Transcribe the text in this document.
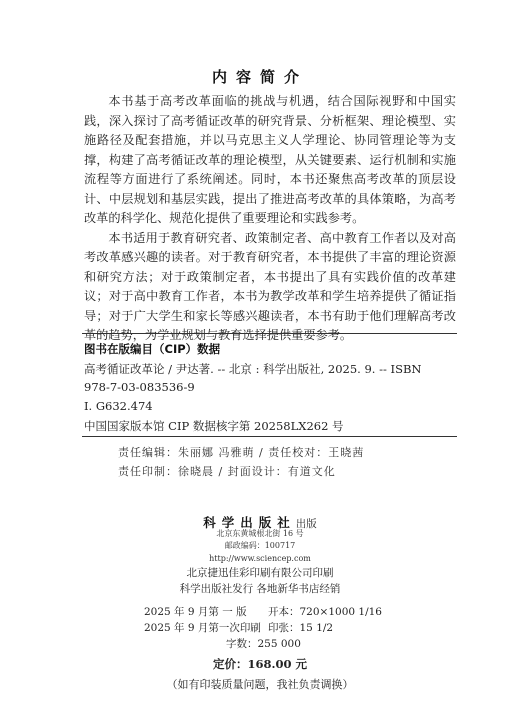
内容简介

本书基于高考改革面临的挑战与机遇，结合国际视野和中国实践，深入探讨了高考循证改革的研究背景、分析框架、理论模型、实施路径及配套措施，并以马克思主义人学理论、协同管理论等为支撑，构建了高考循证改革的理论模型，从关键要素、运行机制和实施流程等方面进行了系统阐述。同时，本书还聚焦高考改革的顶层设计、中层规划和基层实践，提出了推进高考改革的具体策略，为高考改革的科学化、规范化提供了重要理论和实践参考。

本书适用于教育研究者、政策制定者、高中教育工作者以及对高考改革感兴趣的读者。对于教育研究者，本书提供了丰富的理论资源和研究方法；对于政策制定者，本书提出了具有实践价值的改革建议；对于高中教育工作者，本书为教学改革和学生培养提供了循证指导；对于广大学生和家长等感兴趣读者，本书有助于他们理解高考改革的趋势，为学业规划与教育选择提供重要参考。

图书在版编目（CIP）数据
高考循证改革论 / 尹达著. -- 北京 : 科学出版社, 2025. 9. -- ISBN
978-7-03-083536-9
Ⅰ. G632.474
中国国家版本馆 CIP 数据核字第 20258LX262 号
责任编辑：朱丽娜 冯雅萌 / 责任校对：王晓茜
责任印制：徐晓晨 / 封面设计：有道文化
科学出版社出版
北京东黄城根北街 16 号
邮政编码：100717
http://www.sciencep.com
北京捷迅佳彩印刷有限公司印刷
科学出版社发行 各地新华书店经销
2025 年 9 月第 一 版 开本：720×1000 1/16
2025 年 9 月第一次印刷 印张：15 1/2
字数：255 000
定价：168.00 元
（如有印装质量问题，我社负责调换）
